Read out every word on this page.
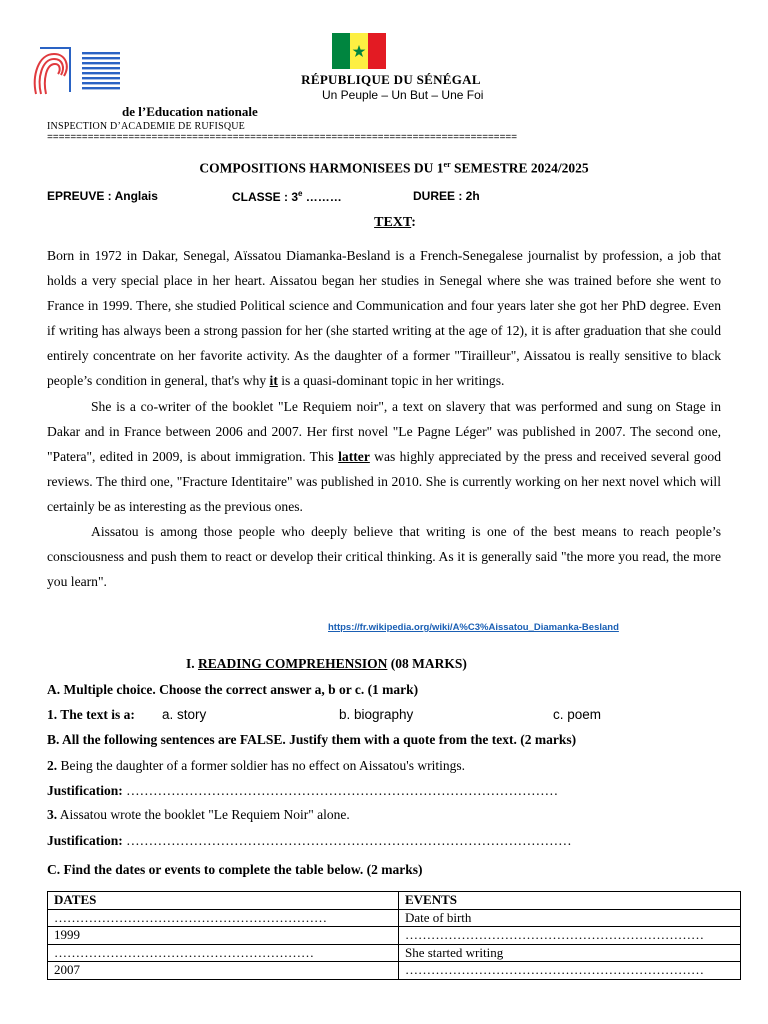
RÉPUBLIQUE DU SÉNÉGAL
Un Peuple – Un But – Une Foi
de l’Education nationale
INSPECTION D’ACADEMIE DE RUFISQUE
=================================================================================
COMPOSITIONS HARMONISEES DU 1er SEMESTRE 2024/2025
EPREUVE : Anglais	CLASSE : 3e ………	DUREE : 2h
TEXT:

Born in 1972 in Dakar, Senegal, Aïssatou Diamanka-Besland is a French-Senegalese journalist by profession, a job that holds a very special place in her heart. Aissatou began her studies in Senegal where she was trained before she went to France in 1999. There, she studied Political science and Communication and four years later she got her PhD degree. Even if writing has always been a strong passion for her (she started writing at the age of 12), it is after graduation that she could entirely concentrate on her favorite activity. As the daughter of a former "Tirailleur", Aissatou is really sensitive to black people’s condition in general, that's why it is a quasi-dominant topic in her writings.

She is a co-writer of the booklet "Le Requiem noir", a text on slavery that was performed and sung on Stage in Dakar and in France between 2006 and 2007. Her first novel "Le Pagne Léger" was published in 2007. The second one, "Patera", edited in 2009, is about immigration. This latter was highly appreciated by the press and received several good reviews. The third one, "Fracture Identitaire" was published in 2010. She is currently working on her next novel which will certainly be as interesting as the previous ones.

Aissatou is among those people who deeply believe that writing is one of the best means to reach people’s consciousness and push them to react or develop their critical thinking. As it is generally said "the more you read, the more you learn".

https://fr.wikipedia.org/wiki/A%C3%Aissatou_Diamanka-Besland
I. READING COMPREHENSION (08 MARKS)
A. Multiple choice. Choose the correct answer a, b or c. (1 mark)
1. The text is a: a. story	b. biography	c. poem
B. All the following sentences are FALSE. Justify them with a quote from the text. (2 marks)
2. Being the daughter of a former soldier has no effect on Aissatou's writings.
Justification: ……………………………………………………………………………………
3. Aissatou wrote the booklet "Le Requiem Noir" alone.
Justification: ………………………………………………………………………………………
C. Find the dates or events to complete the table below. (2 marks)
DATES	EVENTS
………………………………………………………	Date of birth
1999	……………………………………………………………
……………………………………………………	She started writing
2007	……………………………………………………………
